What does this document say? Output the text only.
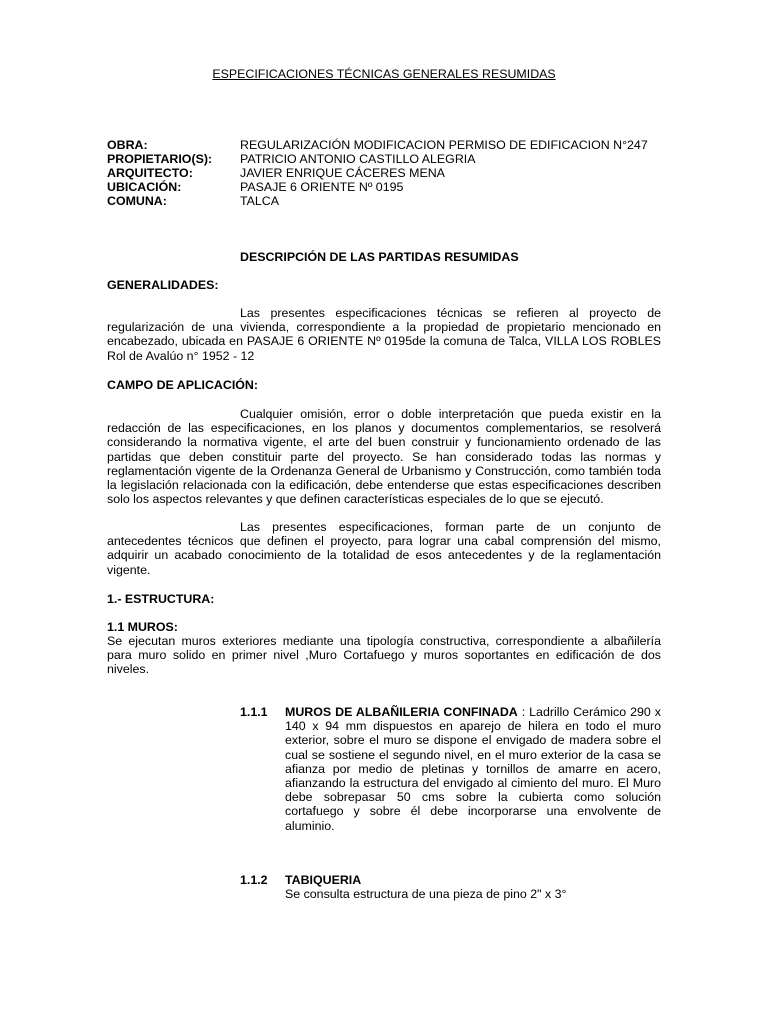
ESPECIFICACIONES TÉCNICAS GENERALES RESUMIDAS
OBRA:	REGULARIZACIÓN MODIFICACION PERMISO DE EDIFICACION N°247
PROPIETARIO(S): PATRICIO ANTONIO CASTILLO ALEGRIA
ARQUITECTO:	JAVIER ENRIQUE CÁCERES MENA
UBICACIÓN:	PASAJE 6 ORIENTE Nº 0195
COMUNA:	TALCA
DESCRIPCIÓN DE LAS PARTIDAS RESUMIDAS
GENERALIDADES:
Las presentes especificaciones técnicas se refieren al proyecto de regularización de una vivienda, correspondiente a la propiedad de propietario mencionado en encabezado, ubicada en PASAJE 6 ORIENTE Nº 0195de la comuna de Talca, VILLA LOS ROBLES Rol de Avalúo n° 1952 - 12
CAMPO DE APLICACIÓN:
Cualquier omisión, error o doble interpretación que pueda existir en la redacción de las especificaciones, en los planos y documentos complementarios, se resolverá considerando la normativa vigente, el arte del buen construir y funcionamiento ordenado de las partidas que deben constituir parte del proyecto. Se han considerado todas las normas y reglamentación vigente de la Ordenanza General de Urbanismo y Construcción, como también toda la legislación relacionada con la edificación, debe entenderse que estas especificaciones describen solo los aspectos relevantes y que definen características especiales de lo que se ejecutó.
Las presentes especificaciones, forman parte de un conjunto de antecedentes técnicos que definen el proyecto, para lograr una cabal comprensión del mismo, adquirir un acabado conocimiento de la totalidad de esos antecedentes y de la reglamentación vigente.
1.- ESTRUCTURA:
1.1 MUROS:
Se ejecutan muros exteriores mediante una tipología constructiva, correspondiente a albañilería para muro solido en primer nivel ,Muro Cortafuego y muros soportantes en edificación de dos niveles.
1.1.1 MUROS DE ALBAÑILERIA CONFINADA : Ladrillo Cerámico 290 x 140 x 94 mm dispuestos en aparejo de hilera en todo el muro exterior, sobre el muro se dispone el envigado de madera sobre el cual se sostiene el segundo nivel, en el muro exterior de la casa se afianza por medio de pletinas y tornillos de amarre en acero, afianzando la estructura del envigado al cimiento del muro. El Muro debe sobrepasar 50 cms sobre la cubierta como solución cortafuego y sobre él debe incorporarse una envolvente de aluminio.
1.1.2 TABIQUERIA
Se consulta estructura de una pieza de pino 2" x 3°
